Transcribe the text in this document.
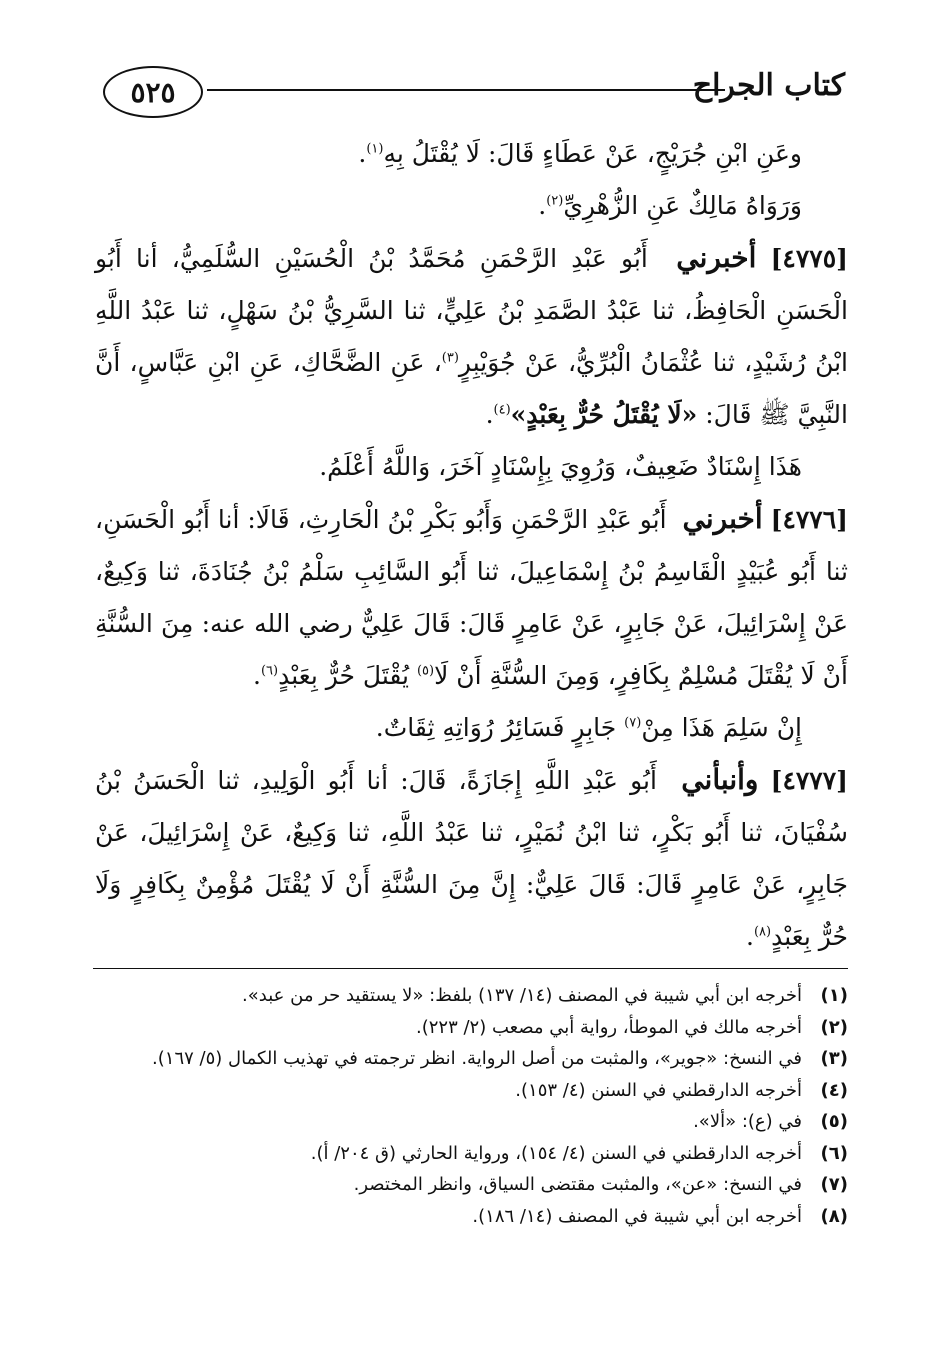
٥٢٥	كتاب الجراح

وعَنِ ابْنِ جُرَيْجٍ، عَنْ عَطَاءٍ قَالَ: لَا يُقْتَلُ بِهِ$^{(١)}$.

وَرَوَاهُ مَالِكٌ عَنِ الزُّهْرِيِّ$^{(٢)}$.

[٤٧٧٥] أخبرني  أَبُو عَبْدِ الرَّحْمَنِ مُحَمَّدُ بْنُ الْحُسَيْنِ السُّلَمِيُّ، أنا أَبُو الْحَسَنِ الْحَافِظُ، ثنا عَبْدُ الصَّمَدِ بْنُ عَلِيٍّ، ثنا السَّرِيُّ بْنُ سَهْلٍ، ثنا عَبْدُ اللَّهِ ابْنُ رُشَيْدٍ، ثنا عُثْمَانُ الْبُرِّيُّ، عَنْ جُوَيْبِرٍ$^{(٣)}$، عَنِ الضَّحَّاكِ، عَنِ ابْنِ عَبَّاسٍ، أَنَّ النَّبِيَّ ﷺ قَالَ: «لَا يُقْتَلُ حُرٌّ بِعَبْدٍ»$^{(٤)}$.

هَذَا إِسْنَادٌ ضَعِيفٌ، وَرُوِيَ بِإِسْنَادٍ آخَرَ، وَاللَّهُ أَعْلَمُ.

[٤٧٧٦] أخبرني  أَبُو عَبْدِ الرَّحْمَنِ وَأَبُو بَكْرِ بْنُ الْحَارِثِ، قَالَا: أنا أَبُو الْحَسَنِ، ثنا أَبُو عُبَيْدٍ الْقَاسِمُ بْنُ إِسْمَاعِيلَ، ثنا أَبُو السَّائِبِ سَلْمُ بْنُ جُنَادَةَ، ثنا وَكِيعٌ، عَنْ إِسْرَائِيلَ، عَنْ جَابِرٍ، عَنْ عَامِرٍ قَالَ: قَالَ عَلِيٌّ رضي الله عنه: مِنَ السُّنَّةِ أَنْ لَا يُقْتَلَ مُسْلِمٌ بِكَافِرٍ، وَمِنَ السُّنَّةِ أَنْ لَا$^{(٥)}$ يُقْتَلَ حُرٌّ بِعَبْدٍ$^{(٦)}$.

إِنْ سَلِمَ هَذَا مِنْ$^{(٧)}$ جَابِرٍ فَسَائِرُ رُوَاتِهِ ثِقَاتٌ.

[٤٧٧٧] وأنبأني  أَبُو عَبْدِ اللَّهِ إِجَازَةً، قَالَ: أنا أَبُو الْوَلِيدِ، ثنا الْحَسَنُ بْنُ سُفْيَانَ، ثنا أَبُو بَكْرٍ، ثنا ابْنُ نُمَيْرٍ، ثنا عَبْدُ اللَّهِ، ثنا وَكِيعٌ، عَنْ إِسْرَائِيلَ، عَنْ جَابِرٍ، عَنْ عَامِرٍ قَالَ: قَالَ عَلِيٌّ: إِنَّ مِنَ السُّنَّةِ أَنْ لَا يُقْتَلَ مُؤْمِنٌ بِكَافِرٍ وَلَا حُرٌّ بِعَبْدٍ$^{(٨)}$.

(١)
أخرجه ابن أبي شيبة في المصنف (١٤/ ١٣٧) بلفظ: «لا يستقيد حر من عبد».
(٢)
أخرجه مالك في الموطأ، رواية أبي مصعب (٢/ ٢٢٣).
(٣)
في النسخ: «جوير»، والمثبت من أصل الرواية. انظر ترجمته في تهذيب الكمال (٥/ ١٦٧).
(٤)
أخرجه الدارقطني في السنن (٤/ ١٥٣).
(٥)
في (ع): «ألا».
(٦)
أخرجه الدارقطني في السنن (٤/ ١٥٤)، ورواية الحارثي (ق ٢٠٤/ أ).
(٧)
في النسخ: «عن»، والمثبت مقتضى السياق، وانظر المختصر.
(٨)
أخرجه ابن أبي شيبة في المصنف (١٤/ ١٨٦).
